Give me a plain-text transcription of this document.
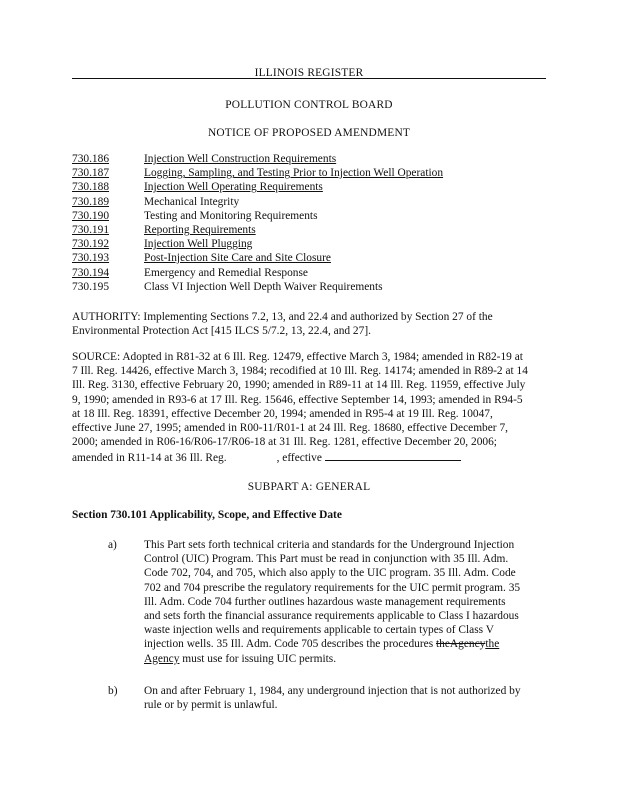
ILLINOIS REGISTER
POLLUTION CONTROL BOARD
NOTICE OF PROPOSED AMENDMENT
730.186	Injection Well Construction Requirements
730.187	Logging, Sampling, and Testing Prior to Injection Well Operation
730.188	Injection Well Operating Requirements
730.189	Mechanical Integrity
730.190	Testing and Monitoring Requirements
730.191	Reporting Requirements
730.192	Injection Well Plugging
730.193	Post-Injection Site Care and Site Closure
730.194	Emergency and Remedial Response
730.195	Class VI Injection Well Depth Waiver Requirements
AUTHORITY: Implementing Sections 7.2, 13, and 22.4 and authorized by Section 27 of the
Environmental Protection Act [415 ILCS 5/7.2, 13, 22.4, and 27].
SOURCE: Adopted in R81-32 at 6 Ill. Reg. 12479, effective March 3, 1984; amended in R82-19 at
7 Ill. Reg. 14426, effective March 3, 1984; recodified at 10 Ill. Reg. 14174; amended in R89-2 at 14
Ill. Reg. 3130, effective February 20, 1990; amended in R89-11 at 14 Ill. Reg. 11959, effective July
9, 1990; amended in R93-6 at 17 Ill. Reg. 15646, effective September 14, 1993; amended in R94-5
at 18 Ill. Reg. 18391, effective December 20, 1994; amended in R95-4 at 19 Ill. Reg. 10047,
effective June 27, 1995; amended in R00-11/R01-1 at 24 Ill. Reg. 18680, effective December 7,
2000; amended in R06-16/R06-17/R06-18 at 31 Ill. Reg. 1281, effective December 20, 2006;
amended in R11-14 at 36 Ill. Reg.	, effective
SUBPART A: GENERAL
Section 730.101 Applicability, Scope, and Effective Date
a) This Part sets forth technical criteria and standards for the Underground Injection
Control (UIC) Program. This Part must be read in conjunction with 35 Ill. Adm.
Code 702, 704, and 705, which also apply to the UIC program. 35 Ill. Adm. Code
702 and 704 prescribe the regulatory requirements for the UIC permit program. 35
Ill. Adm. Code 704 further outlines hazardous waste management requirements
and sets forth the financial assurance requirements applicable to Class I hazardous
waste injection wells and requirements applicable to certain types of Class V
injection wells. 35 Ill. Adm. Code 705 describes the procedures theAgencythe
Agency must use for issuing UIC permits.
b) On and after February 1, 1984, any underground injection that is not authorized by
rule or by permit is unlawful.
